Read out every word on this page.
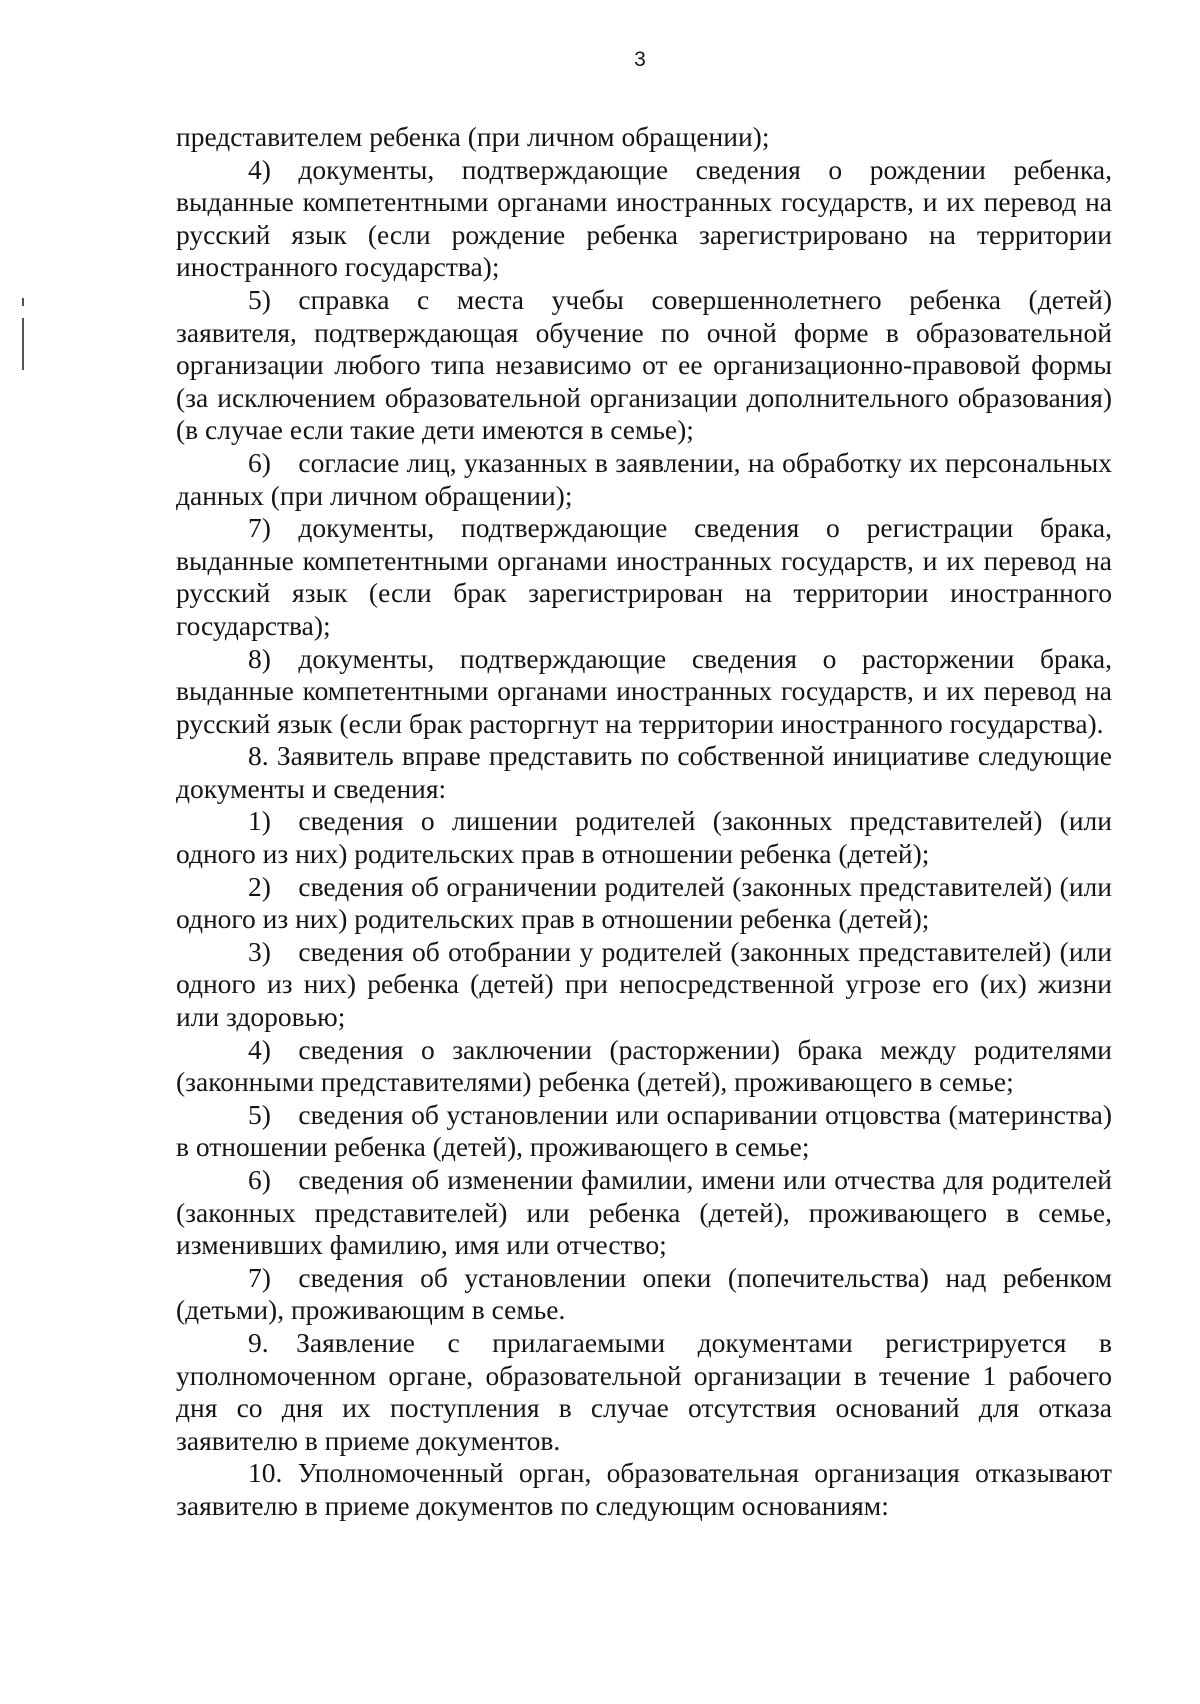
3

представителем ребенка (при личном обращении);

4) документы, подтверждающие сведения о рождении ребенка, выданные компетентными органами иностранных государств, и их перевод на русский язык (если рождение ребенка зарегистрировано на территории иностранного государства);

5) справка с места учебы совершеннолетнего ребенка (детей) заявителя, подтверждающая обучение по очной форме в образовательной организации любого типа независимо от ее организационно-правовой формы (за исключением образовательной организации дополнительного образования) (в случае если такие дети имеются в семье);

6) согласие лиц, указанных в заявлении, на обработку их персональных данных (при личном обращении);

7) документы, подтверждающие сведения о регистрации брака, выданные компетентными органами иностранных государств, и их перевод на русский язык (если брак зарегистрирован на территории иностранного государства);

8) документы, подтверждающие сведения о расторжении брака, выданные компетентными органами иностранных государств, и их перевод на русский язык (если брак расторгнут на территории иностранного государства).

8. Заявитель вправе представить по собственной инициативе следующие документы и сведения:

1) сведения о лишении родителей (законных представителей) (или одного из них) родительских прав в отношении ребенка (детей);

2) сведения об ограничении родителей (законных представителей) (или одного из них) родительских прав в отношении ребенка (детей);

3) сведения об отобрании у родителей (законных представителей) (или одного из них) ребенка (детей) при непосредственной угрозе его (их) жизни или здоровью;

4) сведения о заключении (расторжении) брака между родителями (законными представителями) ребенка (детей), проживающего в семье;

5) сведения об установлении или оспаривании отцовства (материнства) в отношении ребенка (детей), проживающего в семье;

6) сведения об изменении фамилии, имени или отчества для родителей (законных представителей) или ребенка (детей), проживающего в семье, изменивших фамилию, имя или отчество;

7) сведения об установлении опеки (попечительства) над ребенком (детьми), проживающим в семье.

9. Заявление с прилагаемыми документами регистрируется в уполномоченном органе, образовательной организации в течение 1 рабочего дня со дня их поступления в случае отсутствия оснований для отказа заявителю в приеме документов.

10. Уполномоченный орган, образовательная организация отказывают заявителю в приеме документов по следующим основаниям:
